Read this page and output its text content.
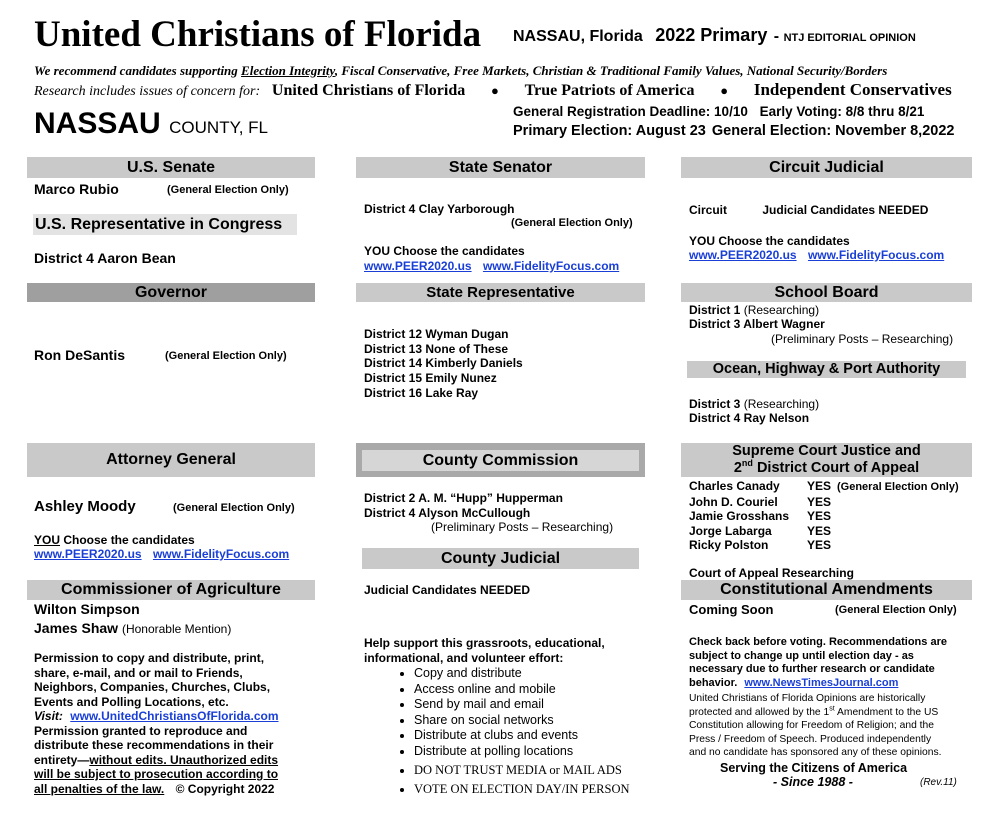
United Christians of Florida NASSAU, Florida 2022 Primary - NTJ EDITORIAL OPINION
We recommend candidates supporting Election Integrity, Fiscal Conservative, Free Markets, Christian & Traditional Family Values, National Security/Borders
Research includes issues of concern for: United Christians of Florida ● True Patriots of America ● Independent Conservatives
NASSAU COUNTY, FL
General Registration Deadline: 10/10 Early Voting: 8/8 thru 8/21
Primary Election: August 23 General Election: November 8,2022
U.S. Senate
Marco Rubio	(General Election Only)
U.S. Representative in Congress
District 4 Aaron Bean
Governor
Ron DeSantis	(General Election Only)
Attorney General
Ashley Moody	(General Election Only)
YOU Choose the candidates
www.PEER2020.us www.FidelityFocus.com
Commissioner of Agriculture
Wilton Simpson
James Shaw (Honorable Mention)
Permission to copy and distribute, print,
share, e-mail, and or mail to Friends,
Neighbors, Companies, Churches, Clubs,
Events and Polling Locations, etc.
Visit: www.UnitedChristiansOfFlorida.com
Permission granted to reproduce and
distribute these recommendations in their
entirety—without edits. Unauthorized edits
will be subject to prosecution according to
all penalties of the law. © Copyright 2022
State Senator
District 4 Clay Yarborough
(General Election Only)
YOU Choose the candidates
www.PEER2020.us www.FidelityFocus.com
State Representative
District 12 Wyman Dugan
District 13 None of These
District 14 Kimberly Daniels
District 15 Emily Nunez
District 16 Lake Ray
County Commission
District 2 A. M. “Hupp” Hupperman
District 4 Alyson McCullough
(Preliminary Posts – Researching)
County Judicial
Judicial Candidates NEEDED
Help support this grassroots, educational,
informational, and volunteer effort:
• Copy and distribute
• Access online and mobile
• Send by mail and email
• Share on social networks
• Distribute at clubs and events
• Distribute at polling locations
• DO NOT TRUST MEDIA or MAIL ADS
• VOTE ON ELECTION DAY/IN PERSON
Circuit Judicial
Circuit	Judicial Candidates NEEDED
YOU Choose the candidates
www.PEER2020.us www.FidelityFocus.com
School Board
District 1 (Researching)
District 3 Albert Wagner
(Preliminary Posts – Researching)
Ocean, Highway & Port Authority
District 3 (Researching)
District 4 Ray Nelson
Supreme Court Justice and
2nd District Court of Appeal
Charles Canady YES (General Election Only)
John D. Couriel YES
Jamie Grosshans YES
Jorge Labarga	YES
Ricky Polston	YES
Court of Appeal Researching
Constitutional Amendments
Coming Soon	(General Election Only)
Check back before voting. Recommendations are
subject to change up until election day - as
necessary due to further research or candidate
behavior. www.NewsTimesJournal.com
United Christians of Florida Opinions are historically
protected and allowed by the 1st Amendment to the US
Constitution allowing for Freedom of Religion; and the
Press / Freedom of Speech. Produced independently
and no candidate has sponsored any of these opinions.
Serving the Citizens of America
- Since 1988 -	(Rev.11)
